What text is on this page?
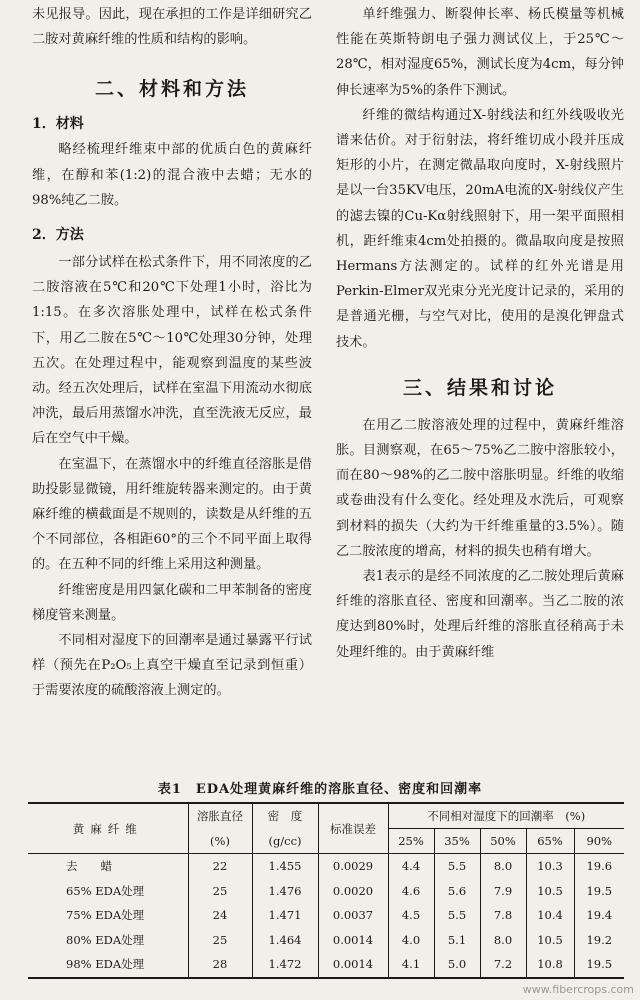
未见报导。因此，现在承担的工作是详细研究乙二胺对黄麻纤维的性质和结构的影响。

二、材料和方法

1．材料

略经梳理纤维束中部的优质白色的黄麻纤维，在醇和苯(1:2)的混合液中去蜡；无水的98%纯乙二胺。

2．方法

一部分试样在松式条件下，用不同浓度的乙二胺溶液在5℃和20℃下处理1小时，浴比为1:15。在多次溶胀处理中，试样在松式条件下，用乙二胺在5℃～10℃处理30分钟，处理五次。在处理过程中，能观察到温度的某些波动。经五次处理后，试样在室温下用流动水彻底冲洗，最后用蒸馏水冲洗，直至洗液无反应，最后在空气中干燥。

在室温下，在蒸馏水中的纤维直径溶胀是借助投影显微镜，用纤维旋转器来测定的。由于黄麻纤维的横截面是不规则的，读数是从纤维的五个不同部位，各相距60°的三个不同平面上取得的。在五种不同的纤维上采用这种测量。

纤维密度是用四氯化碳和二甲苯制备的密度梯度管来测量。

不同相对湿度下的回潮率是通过暴露平行试样（预先在P₂O₅上真空干燥直至记录到恒重）于需要浓度的硫酸溶液上测定的。

单纤维强力、断裂伸长率、杨氏模量等机械性能在英斯特朗电子强力测试仪上，于25℃～28℃，相对湿度65%，测试长度为4cm，每分钟伸长速率为5%的条件下测试。

纤维的微结构通过X-射线法和红外线吸收光谱来估价。对于衍射法，将纤维切成小段并压成矩形的小片，在测定微晶取向度时，X-射线照片是以一台35KV电压，20mA电流的X-射线仪产生的滤去镍的Cu-Kα射线照射下，用一架平面照相机，距纤维束4cm处拍摄的。微晶取向度是按照Hermans方法测定的。试样的红外光谱是用Perkin-Elmer双光束分光光度计记录的，采用的是普通光栅，与空气对比，使用的是溴化钾盘式技术。

三、结果和讨论

在用乙二胺溶液处理的过程中，黄麻纤维溶胀。目测察观，在65～75%乙二胺中溶胀较小，而在80～98%的乙二胺中溶胀明显。纤维的收缩或卷曲没有什么变化。经处理及水洗后，可观察到材料的损失（大约为干纤维重量的3.5%）。随乙二胺浓度的增高，材料的损失也稍有增大。

表1表示的是经不同浓度的乙二胺处理后黄麻纤维的溶胀直径、密度和回潮率。当乙二胺的浓度达到80%时，处理后纤维的溶胀直径稍高于未处理纤维的。由于黄麻纤维

表1　EDA处理黄麻纤维的溶胀直径、密度和回潮率
黄麻纤维	溶胀直径	密　度	标准误差	不同相对湿度下的回潮率　(%)				
	(%)	(g/cc)		25%	35%	50%	65%	90%
去　　蜡	22	1.455	0.0029	4.4	5.5	8.0	10.3	19.6
65% EDA处理	25	1.476	0.0020	4.6	5.6	7.9	10.5	19.5
75% EDA处理	24	1.471	0.0037	4.5	5.5	7.8	10.4	19.4
80% EDA处理	25	1.464	0.0014	4.0	5.1	8.0	10.5	19.2
98% EDA处理	28	1.472	0.0014	4.1	5.0	7.2	10.8	19.5
www.fibercrops.com
